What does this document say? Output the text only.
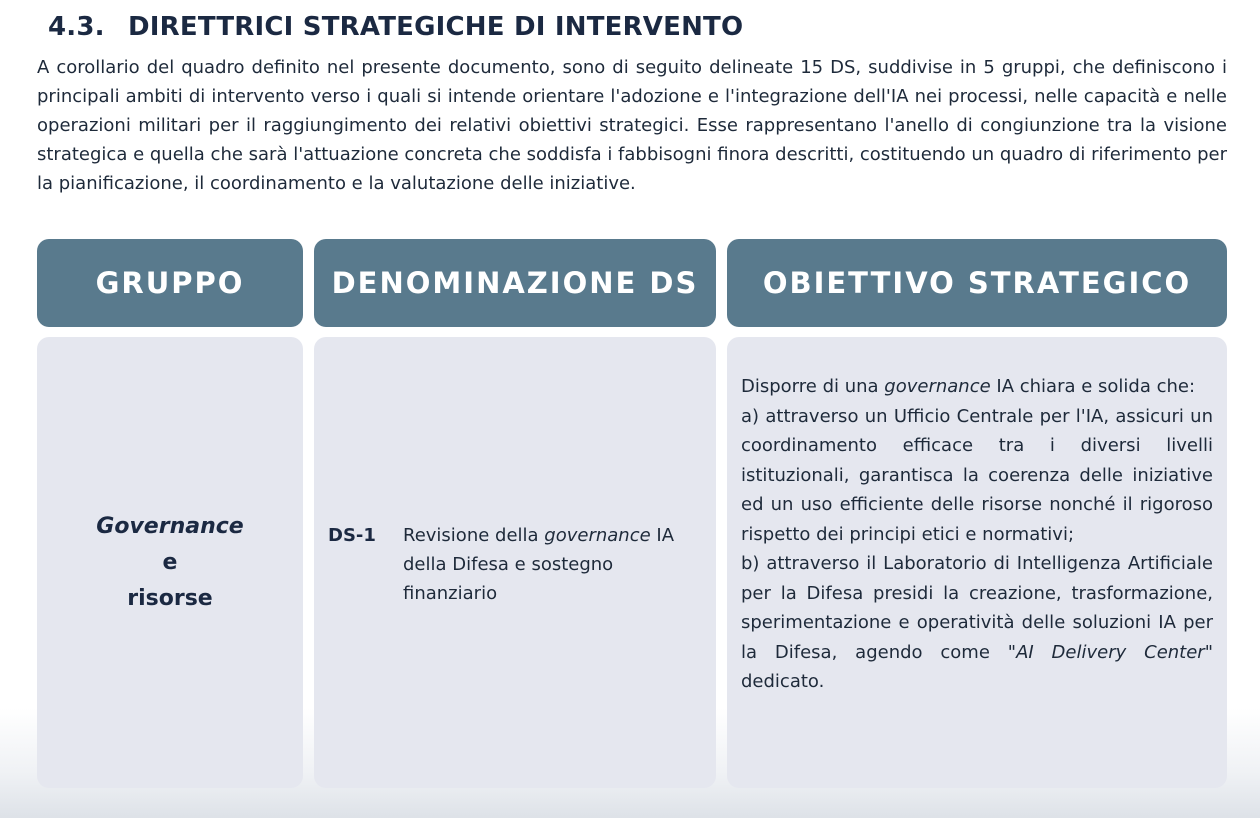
4.3. DIRETTRICI STRATEGICHE DI INTERVENTO

A corollario del quadro definito nel presente documento, sono di seguito delineate 15 DS, suddivise in 5 gruppi, che definiscono i principali ambiti di intervento verso i quali si intende orientare l'adozione e l'integrazione dell'IA nei processi, nelle capacità e nelle operazioni militari per il raggiungimento dei relativi obiettivi strategici. Esse rappresentano l'anello di congiunzione tra la visione strategica e quella che sarà l'attuazione concreta che soddisfa i fabbisogni finora descritti, costituendo un quadro di riferimento per la pianificazione, il coordinamento e la valutazione delle iniziative.

GRUPPO	DENOMINAZIONE DS	OBIETTIVO STRATEGICO
Governance
e
risorse
DS-1 Revisione della governance IA della Difesa e sostegno finanziario

Disporre di una governance IA chiara e solida che:

a) attraverso un Ufficio Centrale per l'IA, assicuri un coordinamento efficace tra i diversi livelli istituzionali, garantisca la coerenza delle iniziative ed un uso efficiente delle risorse nonché il rigoroso rispetto dei principi etici e normativi;

b) attraverso il Laboratorio di Intelligenza Artificiale per la Difesa presidi la creazione, trasformazione, sperimentazione e operatività delle soluzioni IA per la Difesa, agendo come "AI Delivery Center" dedicato.
